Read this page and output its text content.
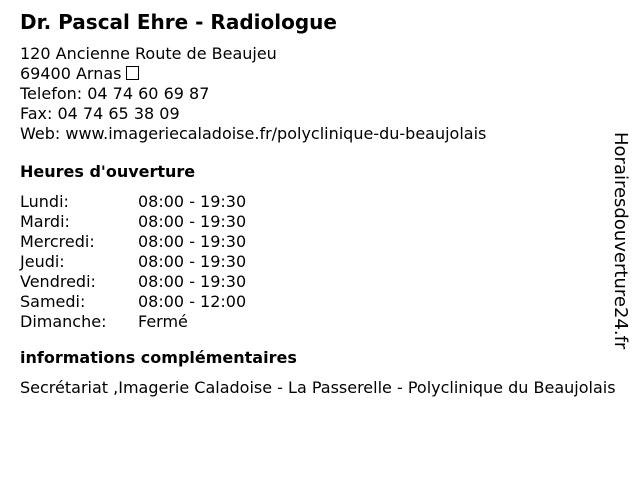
Dr. Pascal Ehre - Radiologue
120 Ancienne Route de Beaujeu
69400 Arnas
Telefon: 04 74 60 69 87
Fax: 04 74 65 38 09
Web: www.imageriecaladoise.fr/polyclinique-du-beaujolais
Heures d'ouverture
Lundi:	08:00 - 19:30
Mardi:	08:00 - 19:30
Mercredi:	08:00 - 19:30
Jeudi:	08:00 - 19:30
Vendredi:	08:00 - 19:30
Samedi:	08:00 - 12:00
Dimanche:	Fermé
informations complémentaires
Secrétariat ,Imagerie Caladoise - La Passerelle - Polyclinique du Beaujolais
Horairesdouverture24.fr
